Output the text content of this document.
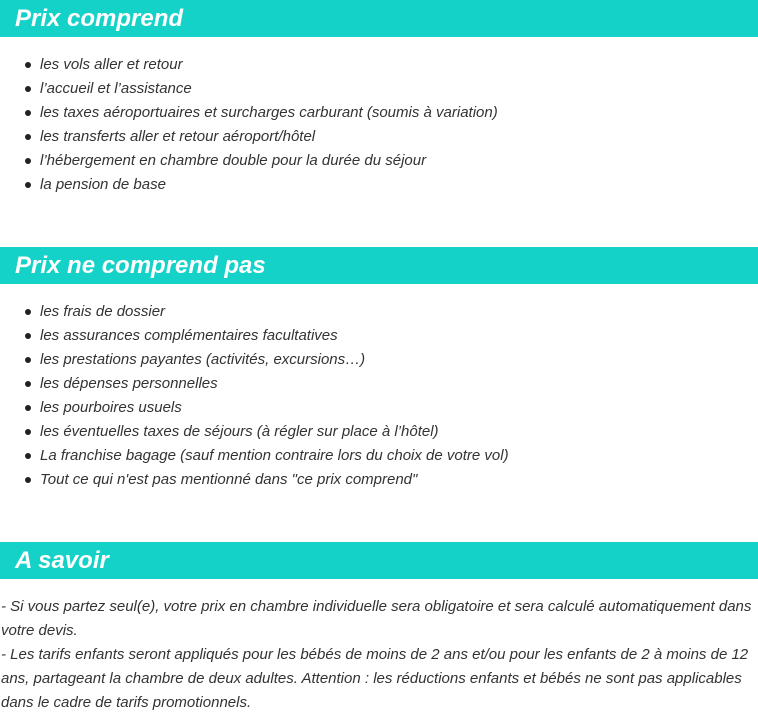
Prix comprend
les vols aller et retour
l’accueil et l’assistance
les taxes aéroportuaires et surcharges carburant (soumis à variation)
les transferts aller et retour aéroport/hôtel
l’hébergement en chambre double pour la durée du séjour
la pension de base
Prix ne comprend pas
les frais de dossier
les assurances complémentaires facultatives
les prestations payantes (activités, excursions…)
les dépenses personnelles
les pourboires usuels
les éventuelles taxes de séjours (à régler sur place à l’hôtel)
La franchise bagage (sauf mention contraire lors du choix de votre vol)
Tout ce qui n'est pas mentionné dans "ce prix comprend"
A savoir

- Si vous partez seul(e), votre prix en chambre individuelle sera obligatoire et sera calculé automatiquement dans votre devis.

- Les tarifs enfants seront appliqués pour les bébés de moins de 2 ans et/ou pour les enfants de 2 à moins de 12 ans, partageant la chambre de deux adultes. Attention : les réductions enfants et bébés ne sont pas applicables dans le cadre de tarifs promotionnels.
